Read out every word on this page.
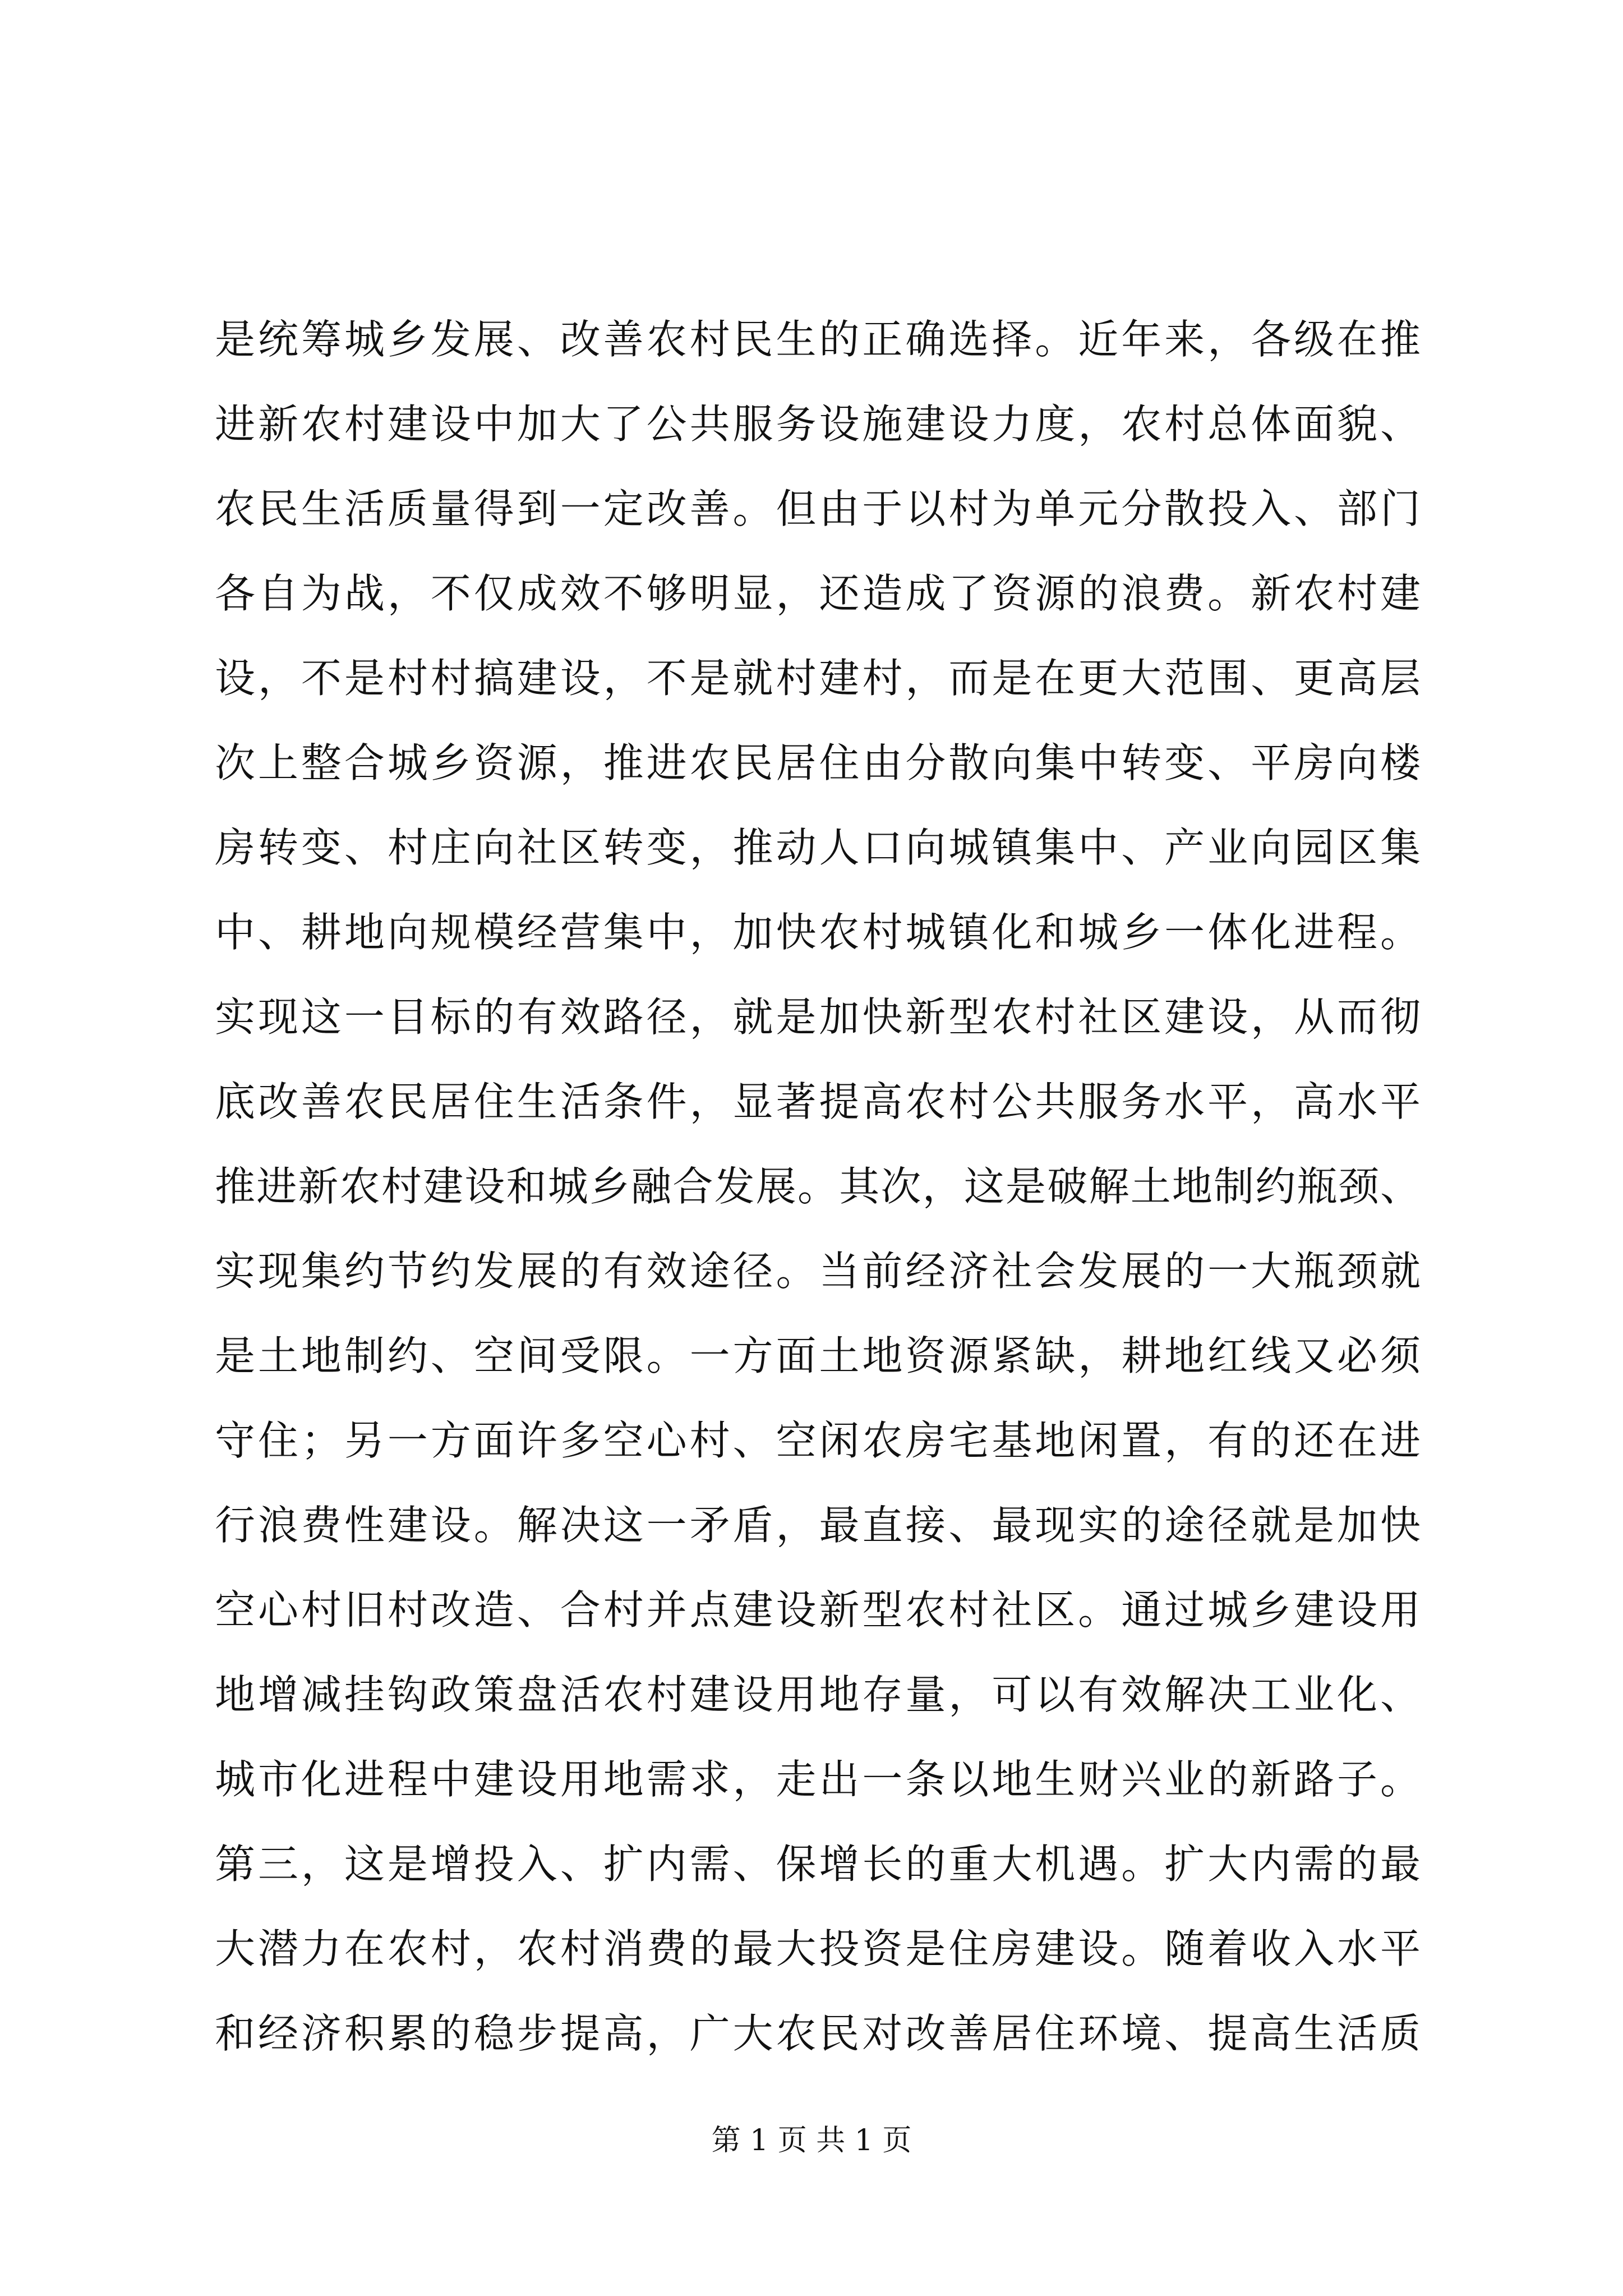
是统筹城乡发展、改善农村民生的正确选择。近年来，各级在推
进新农村建设中加大了公共服务设施建设力度，农村总体面貌、
农民生活质量得到一定改善。但由于以村为单元分散投入、部门
各自为战，不仅成效不够明显，还造成了资源的浪费。新农村建
设，不是村村搞建设，不是就村建村，而是在更大范围、更高层
次上整合城乡资源，推进农民居住由分散向集中转变、平房向楼
房转变、村庄向社区转变，推动人口向城镇集中、产业向园区集
中、耕地向规模经营集中，加快农村城镇化和城乡一体化进程。
实现这一目标的有效路径，就是加快新型农村社区建设，从而彻
底改善农民居住生活条件，显著提高农村公共服务水平，高水平
推进新农村建设和城乡融合发展。其次，这是破解土地制约瓶颈、
实现集约节约发展的有效途径。当前经济社会发展的一大瓶颈就
是土地制约、空间受限。一方面土地资源紧缺，耕地红线又必须
守住；另一方面许多空心村、空闲农房宅基地闲置，有的还在进
行浪费性建设。解决这一矛盾，最直接、最现实的途径就是加快
空心村旧村改造、合村并点建设新型农村社区。通过城乡建设用
地增减挂钩政策盘活农村建设用地存量，可以有效解决工业化、
城市化进程中建设用地需求，走出一条以地生财兴业的新路子。
第三，这是增投入、扩内需、保增长的重大机遇。扩大内需的最
大潜力在农村，农村消费的最大投资是住房建设。随着收入水平
和经济积累的稳步提高，广大农民对改善居住环境、提高生活质
第 1 页 共 1 页
